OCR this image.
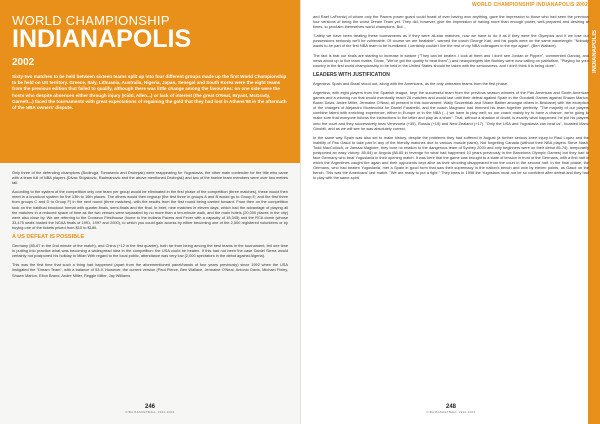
WORLD CHAMPIONSHIP
INDIANAPOLIS
2002

Sixty-two matches to be held between sixteen teams split up into four different groups made up the first World Championship to be held on US territory. Greece, Italy, Lithuania, Australia, Nigeria, Japan, Senegal and South Korea were the eight teams from the previous edition that failed to qualify, although there was little change among the favourites: on one side were the hosts who despite absences either through injury (Kidd, Allen...) or lack of interest (the great O'Neal, Bryant, McGrady, Garnett...) faced the tournaments with great expectations of regaining the gold that they had lost in Athens'98 in the aftermath of the NBA owners' dispute.

Only three of the defending champions (Bodiroga, Tomasevic and Drobnjak) were reappearing for Yugoslavia, the other main contender for the title who came with a team full of NBA players (Divac Stojakovic, Radmanovic and the above mentioned Drobnjak) and two of the twelve team members were over two metres tall.

According to the system of the competition only one team per group would be eliminated in the first phase of the competition (three matches), these would then meet in a knockout system for the 13th to 16th places. The others would then regroup (the first three in groups A and B would go to Group E; and the first three from groups C and D to Group F) in the next round (three matches), with the results from the first round being carried forward. From then on the competition took on the habitual knockout format with quarter-finals, semi-finals and the final. In brief, nine matches in eleven days, which had the advantage of playing all the matches in a reduced space of time as the two venues were separated by no more than a ten-minute walk, and the main hotels (20,000 places in the city) were also close by. We are referring to the Conseco Fieldhouse (home to the Indiana Pacers and Fever with a capacity of 18,345) and the RCA dome (whose 33,475 seats hosted the NCAA finals of 1991, 1997 and 2000), to which you could gain access by either becoming one of the 2,500 registered volunteers or by buying one of the tickets priced from $10 to $180.

A US DEFEAT IS POSSIBLE

Germany (85-67 in the 2nd minute of the match), and China (+12 in the first quarter), both far from being among the best teams in the tournament, led one time in putting into practice what was becoming a widespread idea in the competition: the USA could be beaten. If this had not been the case Daniel Sierra would certainly not postponed his holiday to Milan With regard to the local public, attendance was very low (2,000 spectators in the debut against Algeria).

This was the first time that such a thing had happened (apart from the aforementioned panel/hands of four years previously) since 1992 when the USA instigated the "Dream Team", with a balance of 53-0. However, the current version (Paul Pierce, Ben Wallace, Jermaine O'Neal, Antonio Davis, Michael Finley, Shawn Marion, Elton Brand, Andre Miller, Reggie Miller, Jay Williams

246
FIBA BASKETBALL 1932-2002
WORLD CHAMPIONSHIP INDIANAPOLIS 2002
INDIANAPOLIS

and Raef LaFrentz) of whom only the Pacers power guard could boast of ever having won anything, gave the impression to those who had seen the previous four versions of being the worst Dream Team yet. They did, however, give the impression of having more than enough power, well-prepared and desiring at times, to proclaim themselves world champions. But...

"Lately we have been treating these tournaments as if they were all-star matches, now we have to do it as if they were the Olympics and if we lose our possessions seriously we'll be vulnerable. Of course we are beatable", warned the coach George Karl, and his pupils were on the same wavelength: "Nobody wants to be part of the first NBA team to be humiliated. I certainly couldn't live the rest of my NBA colleagues in the eye again". (Ben Wallace)

The fact is that our rivals are starting to increase in stature ("They can be beaten. I look at them and I don't see Jordan or Pippen", commented Garcia), and news about up to five team mates, Divac, "We've got the quality to beat them",) and heavyweights like Burkley were now calling on patriotism, "Playing for your country in the first world championship to be held in the United States should be taken with the seriousness, and I don't think it is being done".

LEADERS WITH JUSTIFICATION

Argentina, Spain and Brazil stood out, along with the Americans, as the only unbeaten teams from the first phase.

Argentina, with eight players from the Spanish league, kept the successful team from the previous season winners of the Pan-American and South American games and a winning run that would eventually reach 26 matches and would last until their defeat against Spain in the Goodwill Games against Shawn Marion, Baron Davis, Andre Miller, Jermaine O'Neal, all present in this tournament. Wally Szczerbiak and Shane Battier amongst others in Brisbane) with the exception of the changes of Alejandro Montecchia for Daniel Farabello, and the coach Magnano had trimmed his team together perfectly. "The majority of our players combine talent with enriching experience, either in Europe or in the NBA (...) we have to play well; so our coach mainly try to have a chance, we're going to make sure that everyone follows the instructions to the letter and play as a team". That, without a shadow of doubt, is exactly what happened, he put his players onto the court and they successively beat Venezuela (+35), Russia (+19) and New Zealand (+17). "Only the USA and Yugoslavia can beat us", boasted Manu Ginobili, and as we will see he was absolutely correct.

In the same way Spain was also set to make history, despite the problems they had suffered in August (a further serious knee injury to Raul Lopez and the inability of Pau Gasol to take part in any of the friendly matches due to various muscle pains). Not forgetting Canada (without their NBA players Steve Nash, Todd MacCulloch, or Jamaal Magloire, they bore no relation to the dangerous team of Sydney 2000 and only beginners were on their debut 85-74), temporarily postponed an easy victory: 85-84) or Angola (88-65 in revenge for what had happened 10 years previously in the Barcelona Olympic Games) but they had to face Germany who beat Yugoslavia in their opening match. It was here that the game was brought to a state of tension in front of the Germans, with a first half in which the Argentines caught fire again and their opponents kept alive as their shooting disappeared from the court in the second half. In the final phase, the Germans, who had beaten Yugoslavia, met a Spain in good form that saw their supremacy in the nation's bench and won by eleven points, as Gasol on the bench. This was the Americans' last match. "We are ready to put a fight." They knew in 1998 the Yugoslavs must not be so confident after defeat and they had to play with the same spirit.

248
FIBA BASKETBALL 1932-2002
